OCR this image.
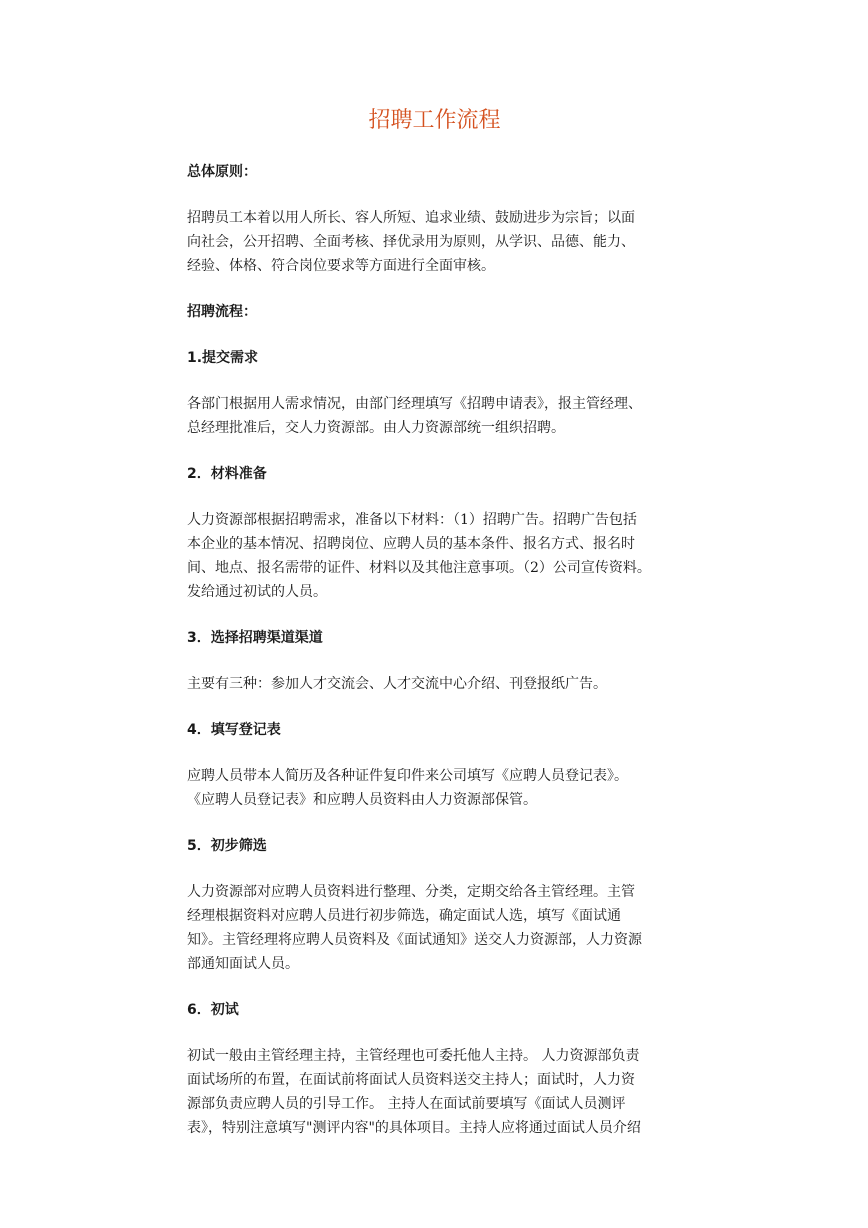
招聘工作流程
总体原则：
招聘员工本着以用人所长、容人所短、追求业绩、鼓励进步为宗旨；以面
向社会，公开招聘、全面考核、择优录用为原则，从学识、品德、能力、
经验、体格、符合岗位要求等方面进行全面审核。
招聘流程：
1.提交需求
各部门根据用人需求情况，由部门经理填写《招聘申请表》，报主管经理、
总经理批准后，交人力资源部。由人力资源部统一组织招聘。
2．材料准备
人力资源部根据招聘需求，准备以下材料：（1）招聘广告。招聘广告包括
本企业的基本情况、招聘岗位、应聘人员的基本条件、报名方式、报名时
间、地点、报名需带的证件、材料以及其他注意事项。（2）公司宣传资料。
发给通过初试的人员。
3．选择招聘渠道渠道
主要有三种：参加人才交流会、人才交流中心介绍、刊登报纸广告。
4．填写登记表
应聘人员带本人简历及各种证件复印件来公司填写《应聘人员登记表》。
《应聘人员登记表》和应聘人员资料由人力资源部保管。
5．初步筛选
人力资源部对应聘人员资料进行整理、分类，定期交给各主管经理。主管
经理根据资料对应聘人员进行初步筛选，确定面试人选，填写《面试通
知》。主管经理将应聘人员资料及《面试通知》送交人力资源部，人力资源
部通知面试人员。
6．初试
初试一般由主管经理主持，主管经理也可委托他人主持。 人力资源部负责
面试场所的布置，在面试前将面试人员资料送交主持人；面试时，人力资
源部负责应聘人员的引导工作。 主持人在面试前要填写《面试人员测评
表》，特别注意填写"测评内容"的具体项目。主持人应将通过面试人员介绍
